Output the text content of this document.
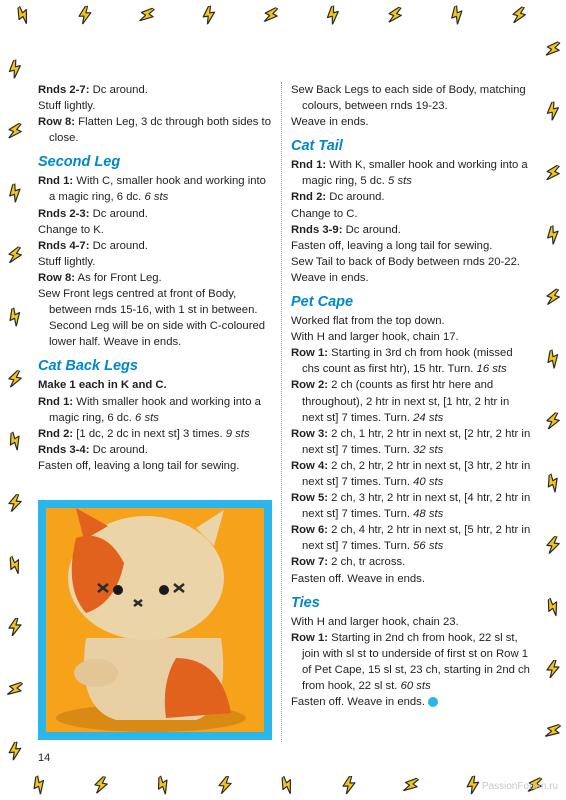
Rnds 2-7: Dc around.
Stuff lightly.
Row 8: Flatten Leg, 3 dc through both sides to close.
Second Leg
Rnd 1: With C, smaller hook and working into a magic ring, 6 dc. 6 sts
Rnds 2-3: Dc around.
Change to K.
Rnds 4-7: Dc around.
Stuff lightly.
Row 8: As for Front Leg.
Sew Front legs centred at front of Body, between rnds 15-16, with 1 st in between. Second Leg will be on side with C-coloured lower half. Weave in ends.
Cat Back Legs
Make 1 each in K and C.
Rnd 1: With smaller hook and working into a magic ring, 6 dc. 6 sts
Rnd 2: [1 dc, 2 dc in next st] 3 times. 9 sts
Rnds 3-4: Dc around.
Fasten off, leaving a long tail for sewing.
Sew Back Legs to each side of Body, matching colours, between rnds 19-23.
Weave in ends.
Cat Tail
Rnd 1: With K, smaller hook and working into a magic ring, 5 dc. 5 sts
Rnd 2: Dc around.
Change to C.
Rnds 3-9: Dc around.
Fasten off, leaving a long tail for sewing.
Sew Tail to back of Body between rnds 20-22.
Weave in ends.
Pet Cape
Worked flat from the top down.
With H and larger hook, chain 17.
Row 1: Starting in 3rd ch from hook (missed chs count as first htr), 15 htr. Turn. 16 sts
Row 2: 2 ch (counts as first htr here and throughout), 2 htr in next st, [1 htr, 2 htr in next st] 7 times. Turn. 24 sts
Row 3: 2 ch, 1 htr, 2 htr in next st, [2 htr, 2 htr in next st] 7 times. Turn. 32 sts
Row 4: 2 ch, 2 htr, 2 htr in next st, [3 htr, 2 htr in next st] 7 times. Turn. 40 sts
Row 5: 2 ch, 3 htr, 2 htr in next st, [4 htr, 2 htr in next st] 7 times. Turn. 48 sts
Row 6: 2 ch, 4 htr, 2 htr in next st, [5 htr, 2 htr in next st] 7 times. Turn. 56 sts
Row 7: 2 ch, tr across.
Fasten off. Weave in ends.
Ties
With H and larger hook, chain 23.
Row 1: Starting in 2nd ch from hook, 22 sl st, join with sl st to underside of first st on Row 1 of Pet Cape, 15 sl st, 23 ch, starting in 2nd ch from hook, 22 sl st. 60 sts
Fasten off. Weave in ends.
14
PassionForum.ru
